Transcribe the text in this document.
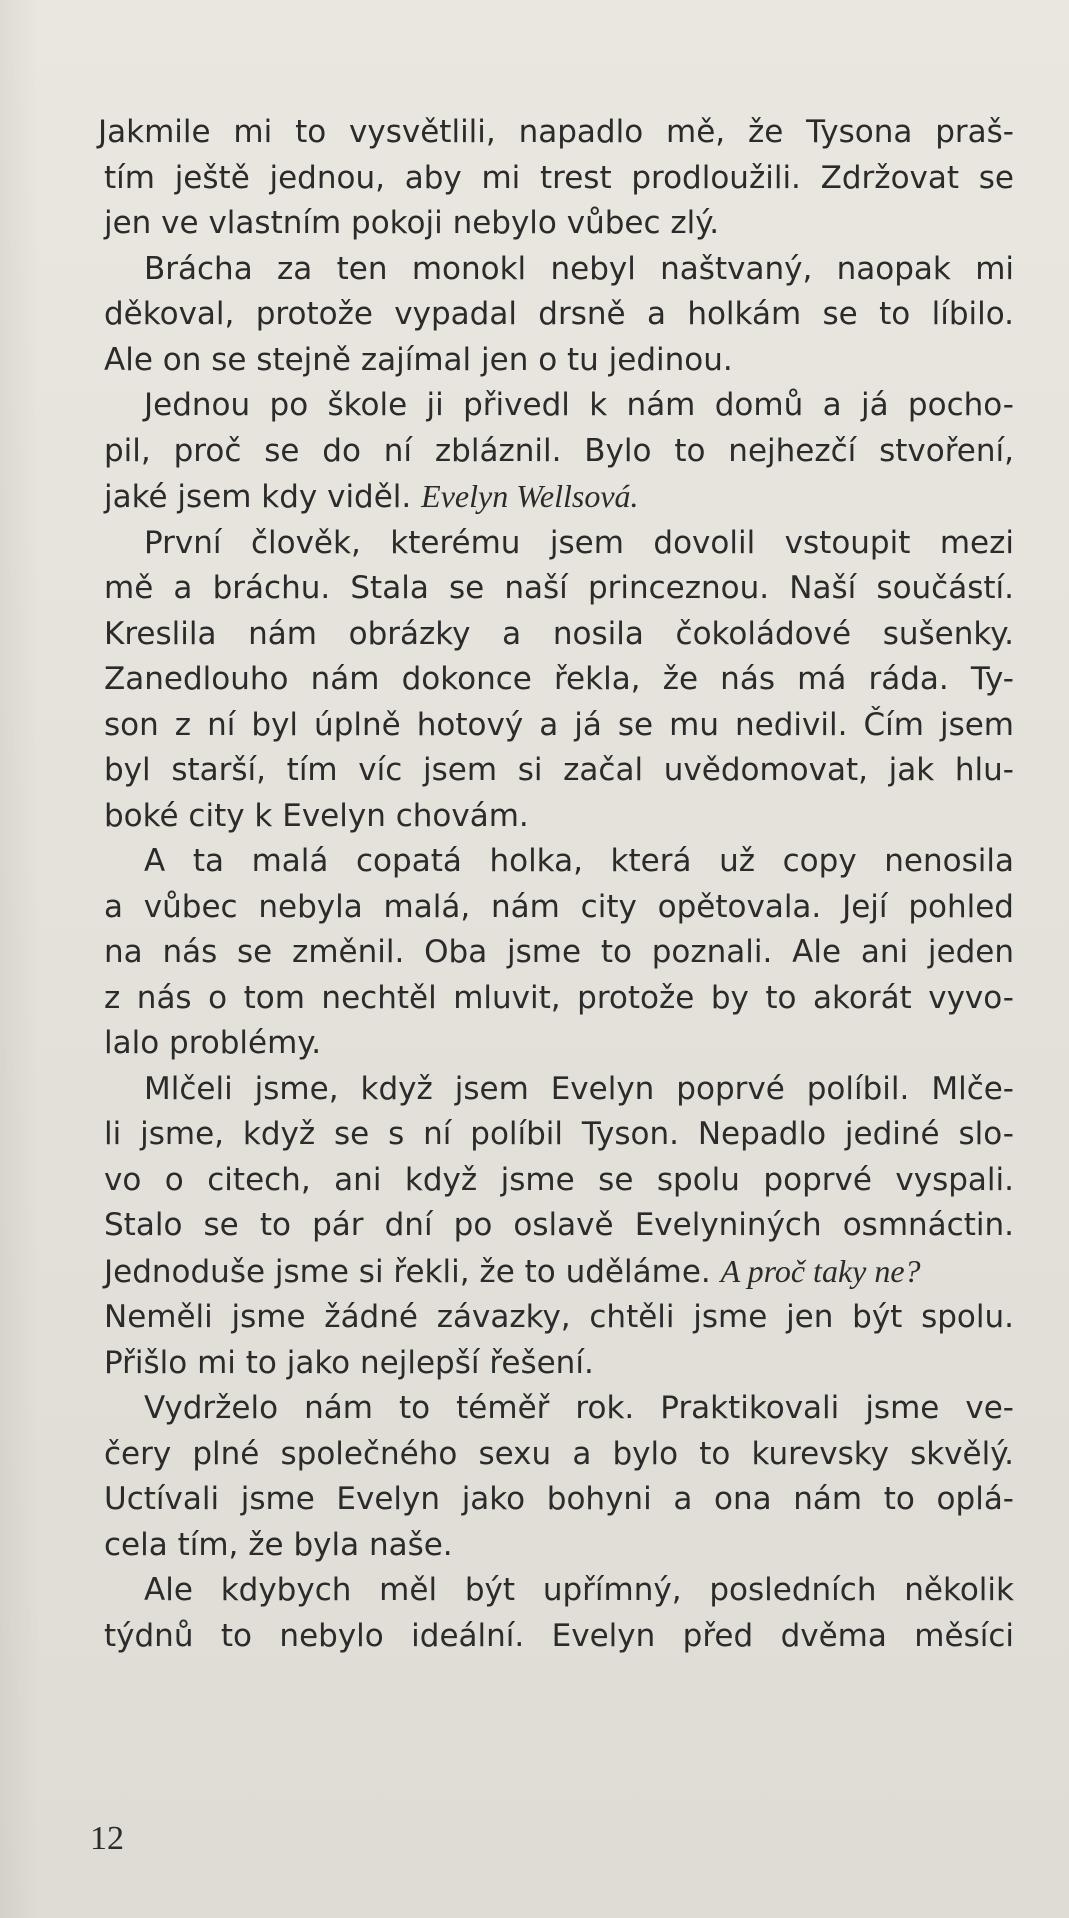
Jakmile mi to vysvětlili, napadlo mě, že Tysona praš-
tím ještě jednou, aby mi trest prodloužili. Zdržovat se
jen ve vlastním pokoji nebylo vůbec zlý.
Brácha za ten monokl nebyl naštvaný, naopak mi
děkoval, protože vypadal drsně a holkám se to líbilo.
Ale on se stejně zajímal jen o tu jedinou.
Jednou po škole ji přivedl k nám domů a já pocho-
pil, proč se do ní zbláznil. Bylo to nejhezčí stvoření,
jaké jsem kdy viděl. Evelyn Wellsová.
První člověk, kterému jsem dovolil vstoupit mezi
mě a bráchu. Stala se naší princeznou. Naší součástí.
Kreslila nám obrázky a nosila čokoládové sušenky.
Zanedlouho nám dokonce řekla, že nás má ráda. Ty-
son z ní byl úplně hotový a já se mu nedivil. Čím jsem
byl starší, tím víc jsem si začal uvědomovat, jak hlu-
boké city k Evelyn chovám.
A ta malá copatá holka, která už copy nenosila
a vůbec nebyla malá, nám city opětovala. Její pohled
na nás se změnil. Oba jsme to poznali. Ale ani jeden
z nás o tom nechtěl mluvit, protože by to akorát vyvo-
lalo problémy.
Mlčeli jsme, když jsem Evelyn poprvé políbil. Mlče-
li jsme, když se s ní políbil Tyson. Nepadlo jediné slo-
vo o citech, ani když jsme se spolu poprvé vyspali.
Stalo se to pár dní po oslavě Evelyniných osmnáctin.
Jednoduše jsme si řekli, že to uděláme. A proč taky ne?
Neměli jsme žádné závazky, chtěli jsme jen být spolu.
Přišlo mi to jako nejlepší řešení.
Vydrželo nám to téměř rok. Praktikovali jsme ve-
čery plné společného sexu a bylo to kurevsky skvělý.
Uctívali jsme Evelyn jako bohyni a ona nám to oplá-
cela tím, že byla naše.
Ale kdybych měl být upřímný, posledních několik
týdnů to nebylo ideální. Evelyn před dvěma měsíci
12
